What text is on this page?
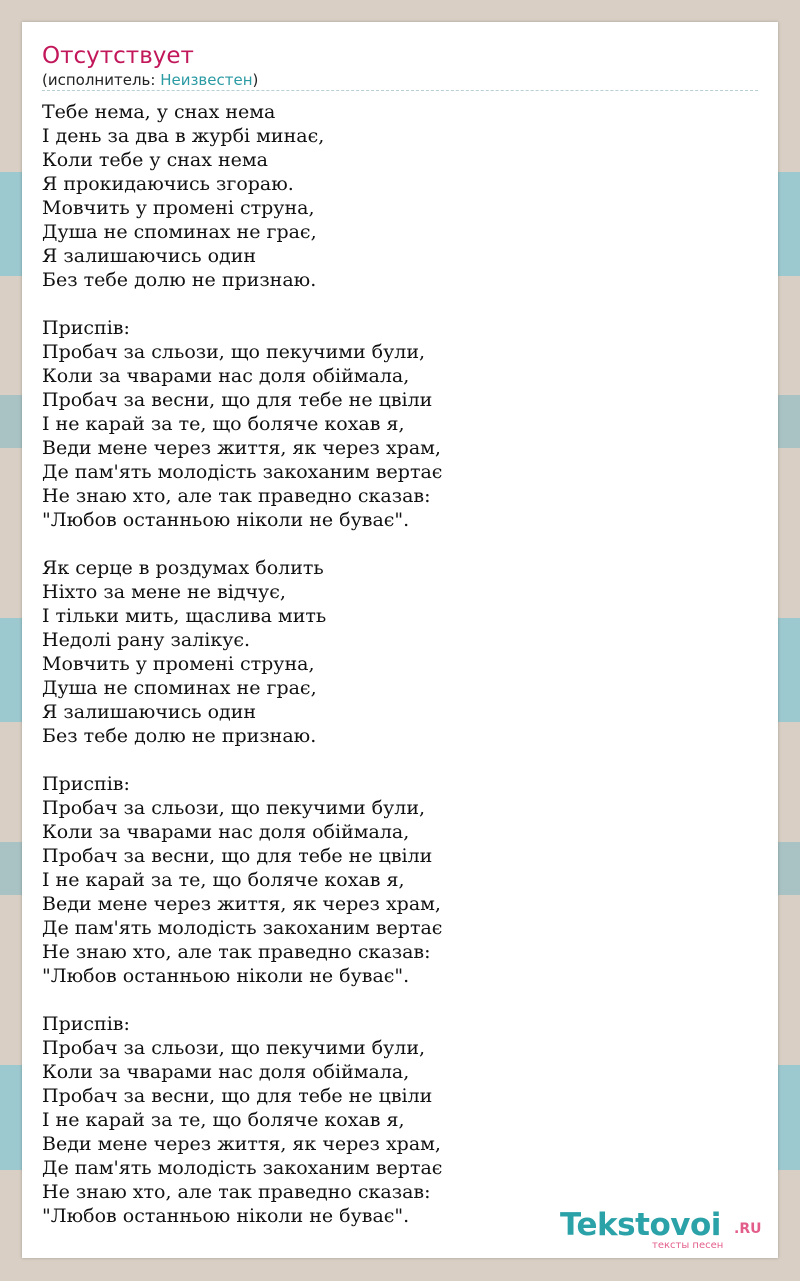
Отсутствует
(исполнитель: Неизвестен)
Тебе нема, у снах нема
І день за два в журбі минає,
Коли тебе у снах нема
Я прокидаючись згораю.
Мовчить у промені струна,
Душа не споминах не грає,
Я залишаючись один
Без тебе долю не признаю.
Приспів:
Пробач за сльози, що пекучими були,
Коли за чварами нас доля обіймала,
Пробач за весни, що для тебе не цвіли
І не карай за те, що боляче кохав я,
Веди мене через життя, як через храм,
Де пам'ять молодість закоханим вертає
Не знаю хто, але так праведно сказав:
"Любов останньою ніколи не буває".
Як серце в роздумах болить
Ніхто за мене не відчує,
І тільки мить, щаслива мить
Недолі рану залікує.
Мовчить у промені струна,
Душа не споминах не грає,
Я залишаючись один
Без тебе долю не признаю.
Приспів:
Пробач за сльози, що пекучими були,
Коли за чварами нас доля обіймала,
Пробач за весни, що для тебе не цвіли
І не карай за те, що боляче кохав я,
Веди мене через життя, як через храм,
Де пам'ять молодість закоханим вертає
Не знаю хто, але так праведно сказав:
"Любов останньою ніколи не буває".
Приспів:
Пробач за сльози, що пекучими були,
Коли за чварами нас доля обіймала,
Пробач за весни, що для тебе не цвіли
І не карай за те, що боляче кохав я,
Веди мене через життя, як через храм,
Де пам'ять молодість закоханим вертає
Не знаю хто, але так праведно сказав:
"Любов останньою ніколи не буває".	Tekstovoi .RU
тексты песен
